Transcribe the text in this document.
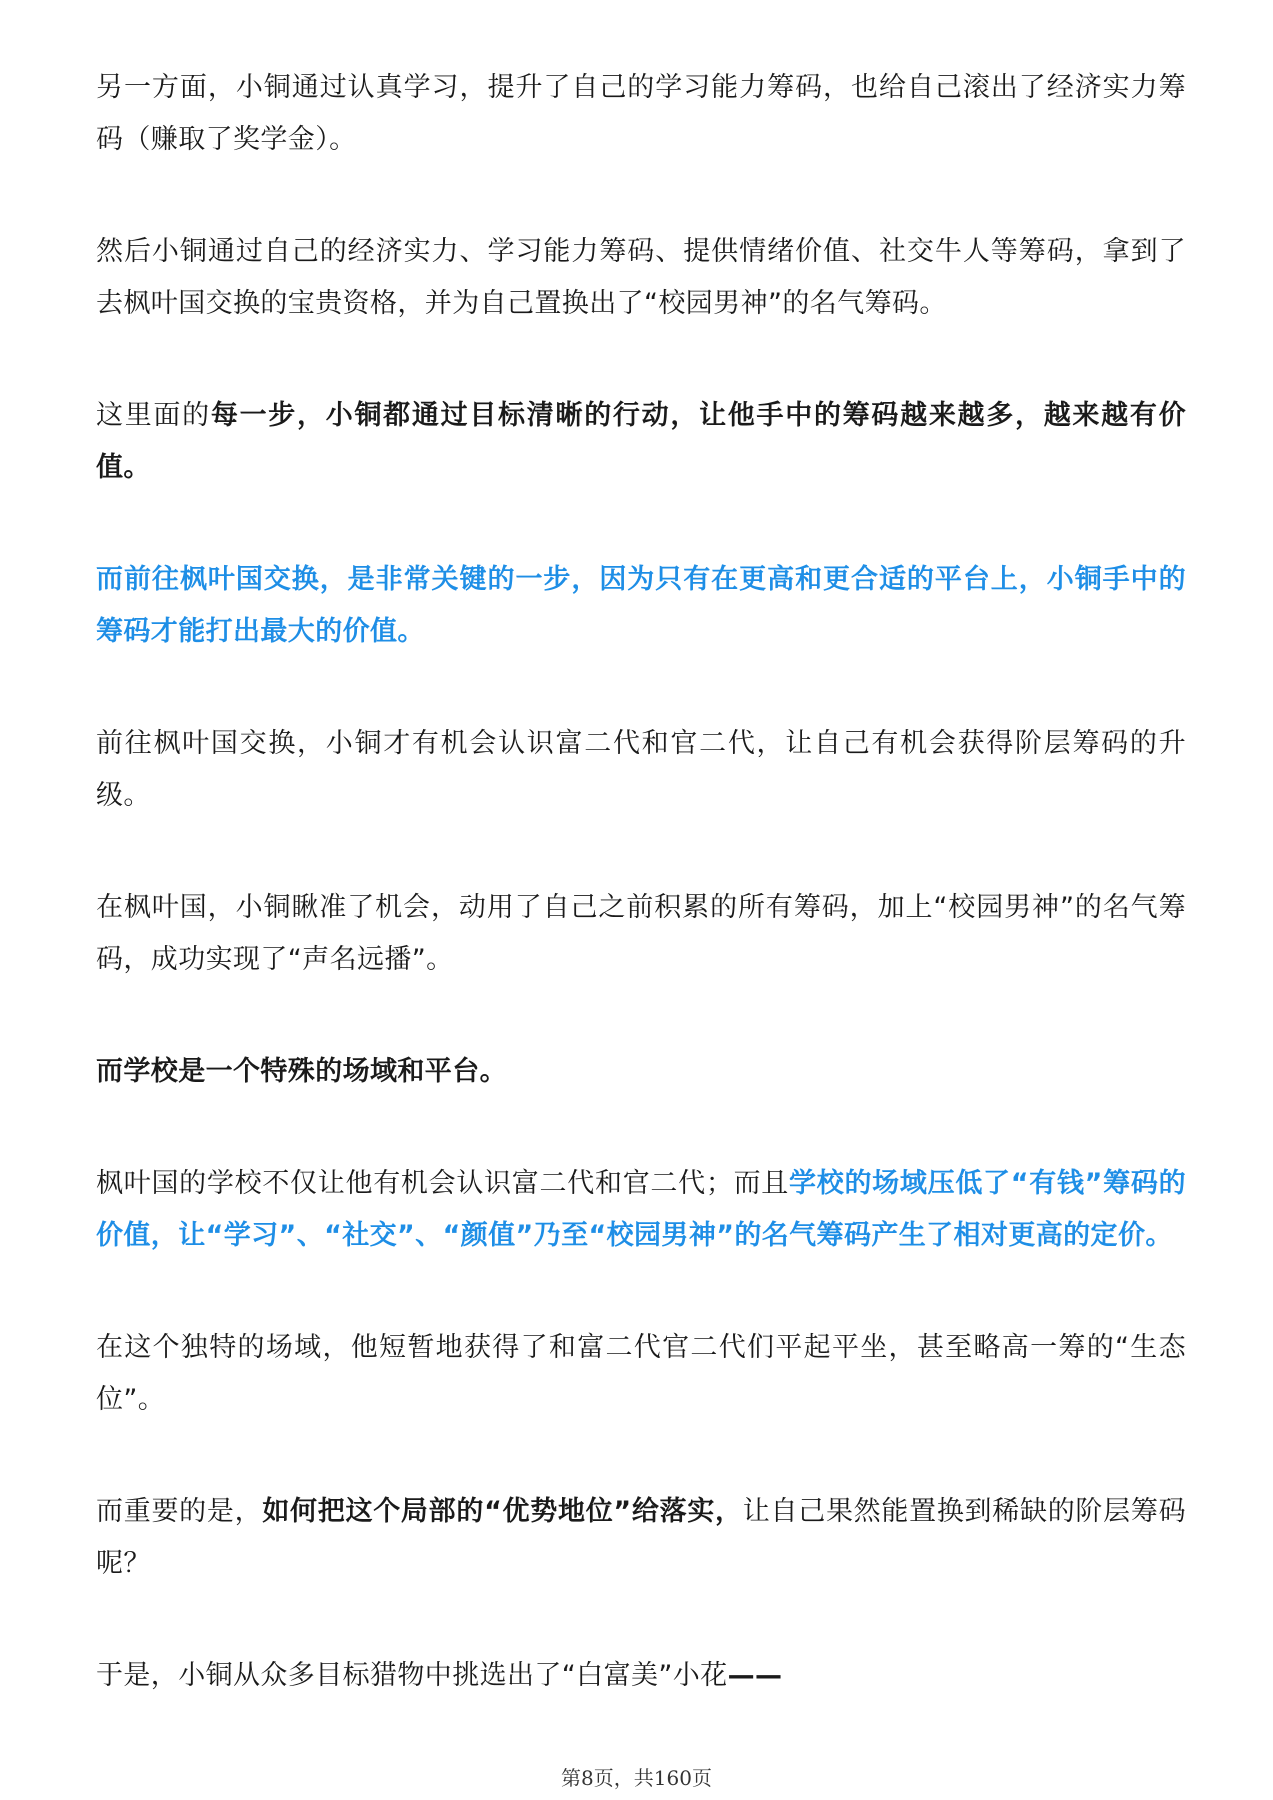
另一方面，小铜通过认真学习，提升了自己的学习能力筹码，也给自己滚出了经济实力筹码（赚取了奖学金）。

然后小铜通过自己的经济实力、学习能力筹码、提供情绪价值、社交牛人等筹码，拿到了去枫叶国交换的宝贵资格，并为自己置换出了“校园男神”的名气筹码。

这里面的每一步，小铜都通过目标清晰的行动，让他手中的筹码越来越多，越来越有价值。

而前往枫叶国交换，是非常关键的一步，因为只有在更高和更合适的平台上，小铜手中的筹码才能打出最大的价值。

前往枫叶国交换，小铜才有机会认识富二代和官二代，让自己有机会获得阶层筹码的升级。

在枫叶国，小铜瞅准了机会，动用了自己之前积累的所有筹码，加上“校园男神”的名气筹码，成功实现了“声名远播”。

而学校是一个特殊的场域和平台。

枫叶国的学校不仅让他有机会认识富二代和官二代；而且学校的场域压低了“有钱”筹码的价值，让“学习”、“社交”、“颜值”乃至“校园男神”的名气筹码产生了相对更高的定价。

在这个独特的场域，他短暂地获得了和富二代官二代们平起平坐，甚至略高一筹的“生态位”。

而重要的是，如何把这个局部的“优势地位”给落实，让自己果然能置换到稀缺的阶层筹码呢？

于是，小铜从众多目标猎物中挑选出了“白富美”小花——

第8页，共160页
